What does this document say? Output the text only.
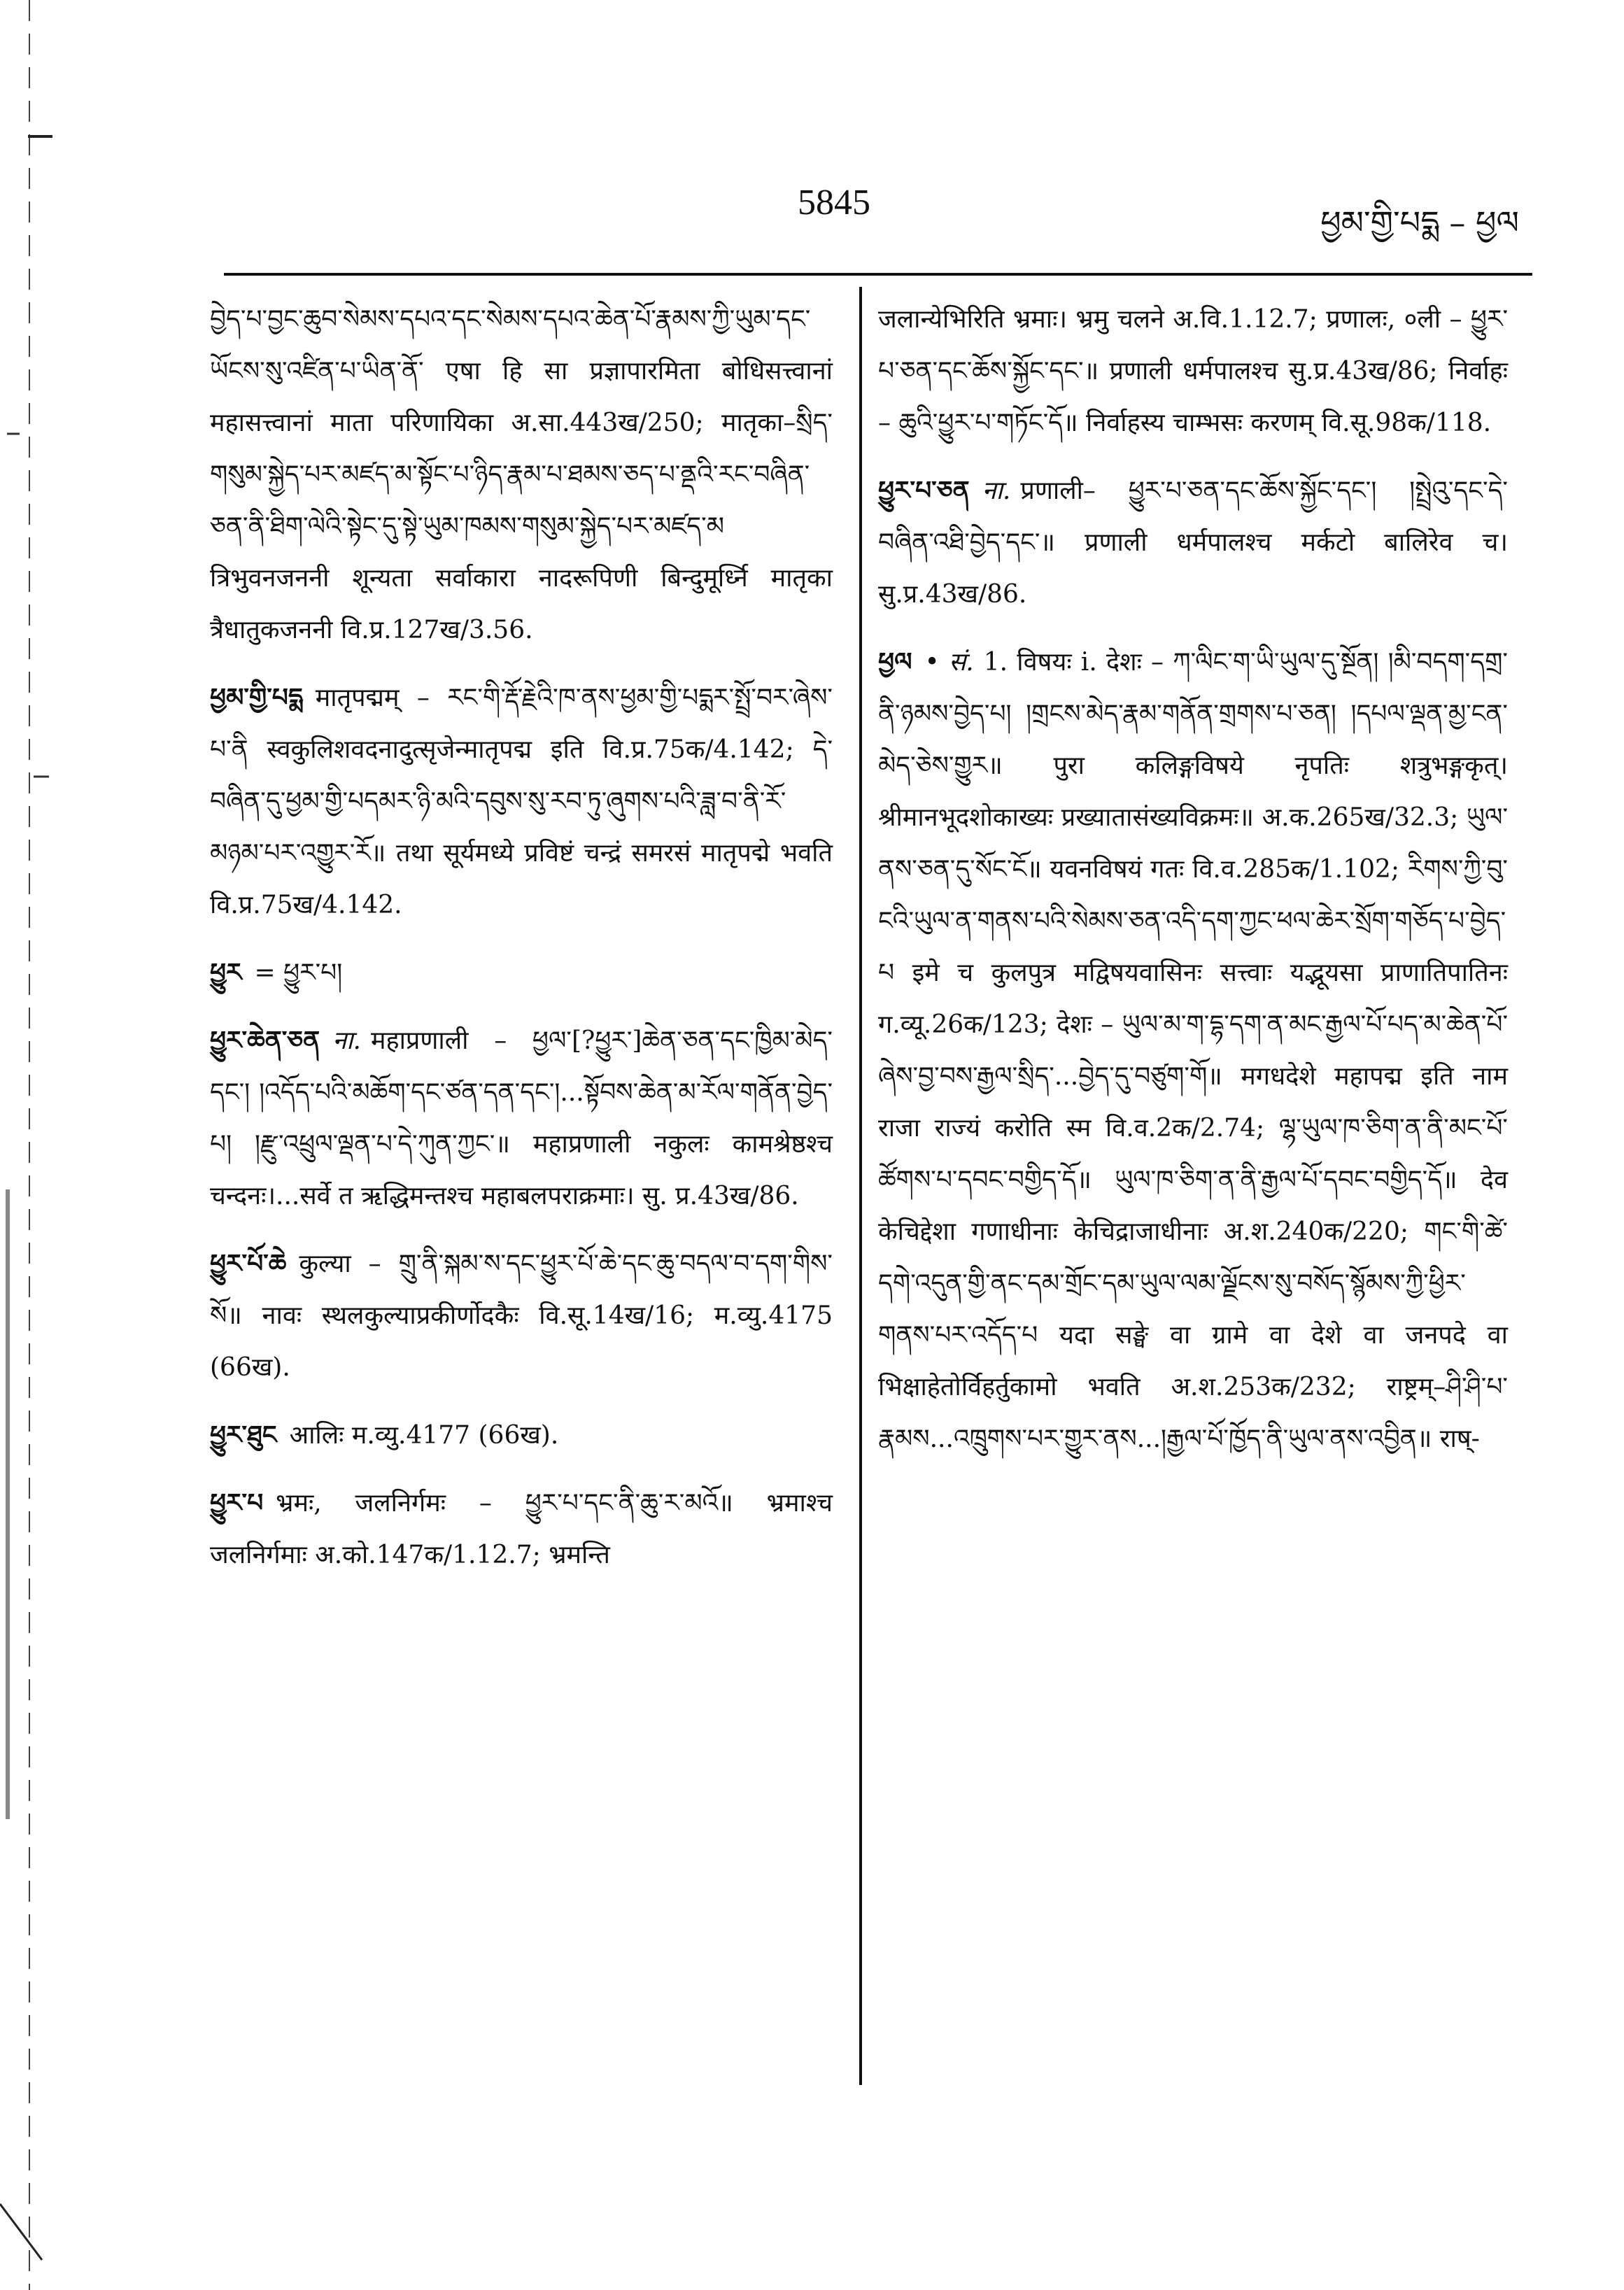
5845	ཕྱམ་གྱི་པདྨ – ཕྱལ

བྱེད་པ་བྱང་ཆུབ་སེམས་དཔའ་དང་སེམས་དཔའ་ཆེན་པོ་རྣམས་ཀྱི་ཡུམ་དང་ཡོངས་སུ་འཛིན་པ་ཡིན་ནོ་ एषा हि सा प्रज्ञापारमिता बोधिसत्त्वानां महासत्त्वानां माता परिणायिका अ.सा.443ख/250; मातृका–སྲིད་གསུམ་སྐྱེད་པར་མཛད་མ་སྟོང་པ་ཉིད་རྣམ་པ་ཐམས་ཅད་པ་ནྡའི་རང་བཞིན་ཅན་ནི་ཐིག་ལེའི་སྟེང་དུ་སྟེ་ཡུམ་ཁམས་གསུམ་སྐྱེད་པར་མཛད་མ त्रिभुवनजननी शून्यता सर्वाकारा नादरूपिणी बिन्दुमूर्ध्नि मातृका त्रैधातुकजननी वि.प्र.127ख/3.56.

ཕྱམ་གྱི་པདྨ मातृपद्मम् – རང་གི་རྡོ་རྗེའི་ཁ་ནས་ཕྱམ་གྱི་པདྨར་སྤྲོ་བར་ཞེས་པ་ནི स्वकुलिशवदनादुत्सृजेन्मातृपद्म इति वि.प्र.75क/4.142; དེ་བཞིན་དུ་ཕྱམ་གྱི་པདམར་ཉི་མའི་དབུས་སུ་རབ་ཏུ་ཞུགས་པའི་ཟླ་བ་ནི་རོ་མཉམ་པར་འགྱུར་རོ॥ तथा सूर्यमध्ये प्रविष्टं चन्द्रं समरसं मातृपद्मे भवति वि.प्र.75ख/4.142.

ཕྱུར = ཕྱུར་པ།

ཕྱུར་ཆེན་ཅན ना. महाप्रणाली – ཕྱལ་[?ཕྱུར་]ཆེན་ཅན་དང་ཁྱིམ་མེད་དང་། །འདོད་པའི་མཆོག་དང་ཙན་དན་དང་།...སྟོབས་ཆེན་མ་རོལ་གནོན་བྱེད་པ། །རྫུ་འཕྲུལ་ལྡན་པ་དེ་ཀུན་ཀྱང་॥ महाप्रणाली नकुलः कामश्रेष्ठश्च चन्दनः।...सर्वे त ऋद्धिमन्तश्च महाबलपराक्रमाः। सु. प्र.43ख/86.

ཕྱུར་པོ་ཆེ कुल्या – གྲུ་ནི་སྐམ་ས་དང་ཕྱུར་པོ་ཆེ་དང་ཆུ་བདལ་བ་དག་གིས་སོ॥ नावः स्थलकुल्याप्रकीर्णोदकैः वि.सू.14ख/16; म.व्यु.4175 (66ख).

ཕྱུར་ཐུང आलिः म.व्यु.4177 (66ख).

ཕྱུར་པ भ्रमः, जलनिर्गमः – ཕྱུར་པ་དང་ནི་ཆུ་ར་མའོ॥ भ्रमाश्च जलनिर्गमाः अ.को.147क/1.12.7; भ्रमन्ति

जलान्येभिरिति भ्रमाः। भ्रमु चलने अ.वि.1.12.7; प्रणालः, ०ली – ཕྱུར་པ་ཅན་དང་ཆོས་སྐྱོང་དང་॥ प्रणाली धर्मपालश्च सु.प्र.43ख/86; निर्वाहः – ཆུའི་ཕྱུར་པ་གཏོང་དོ॥ निर्वाहस्य चाम्भसः करणम् वि.सू.98क/118.

ཕྱུར་པ་ཅན ना. प्रणाली– ཕྱུར་པ་ཅན་དང་ཆོས་སྐྱོང་དང་། །སྤྲེའུ་དང་དེ་བཞིན་འཐི་བྱེད་དང་॥ प्रणाली धर्मपालश्च मर्कटो बालिरेव च। सु.प्र.43ख/86.

ཕྱལ • सं. 1. विषयः i. देशः – ཀ་ལིང་ག་ཡི་ཡུལ་དུ་སྔོན། །མི་བདག་དགྲ་ནི་ཉམས་བྱེད་པ། །གྲངས་མེད་རྣམ་གནོན་གྲགས་པ་ཅན། །དཔལ་ལྡན་མྱ་ངན་མེད་ཅེས་གྱུར॥ पुरा कलिङ्गविषये नृपतिः शत्रुभङ्गकृत्। श्रीमानभूदशोकाख्यः प्रख्यातासंख्यविक्रमः॥ अ.क.265ख/32.3; ཡུལ་ནས་ཅན་དུ་སོང་ངོ॥ यवनविषयं गतः वि.व.285क/1.102; རིགས་ཀྱི་བུ་ངའི་ཡུལ་ན་གནས་པའི་སེམས་ཅན་འདི་དག་ཀྱང་ཕལ་ཆེར་སྲོག་གཅོད་པ་བྱེད་པ इमे च कुलपुत्र मद्विषयवासिनः सत्त्वाः यद्भूयसा प्राणातिपातिनः ग.व्यू.26क/123; देशः – ཡུལ་མ་ག་དྷ་དག་ན་མང་རྒྱལ་པོ་པད་མ་ཆེན་པོ་ཞེས་བྱ་བས་རྒྱལ་སྲིད་...བྱེད་དུ་བཙུག་གོ॥ मगधदेशे महापद्म इति नाम राजा राज्यं करोति स्म वि.व.2क/2.74; ལྷ་ཡུལ་ཁ་ཅིག་ན་ནི་མང་པོ་ཚོགས་པ་དབང་བགྱིད་དོ॥ ཡུལ་ཁ་ཅིག་ན་ནི་རྒྱལ་པོ་དབང་བགྱིད་དོ॥ देव केचिद्देशा गणाधीनाः केचिद्राजाधीनाः अ.श.240क/220; གང་གི་ཚེ་དགེ་འདུན་གྱི་ནང་དམ་གྲོང་དམ་ཡུལ་ལམ་ལྗོངས་སུ་བསོད་སྙོམས་ཀྱི་ཕྱིར་གནས་པར་འདོད་པ यदा सङ्घे वा ग्रामे वा देशे वा जनपदे वा भिक्षाहेतोर्विहर्तुकामो भवति अ.श.253क/232; राष्ट्रम्–ཤི་ཤི་པ་རྣམས...འཁྲུགས་པར་གྱུར་ནས...།རྒྱལ་པོ་ཁྱོད་ནི་ཡུལ་ནས་འབྱིན॥ राष्-
